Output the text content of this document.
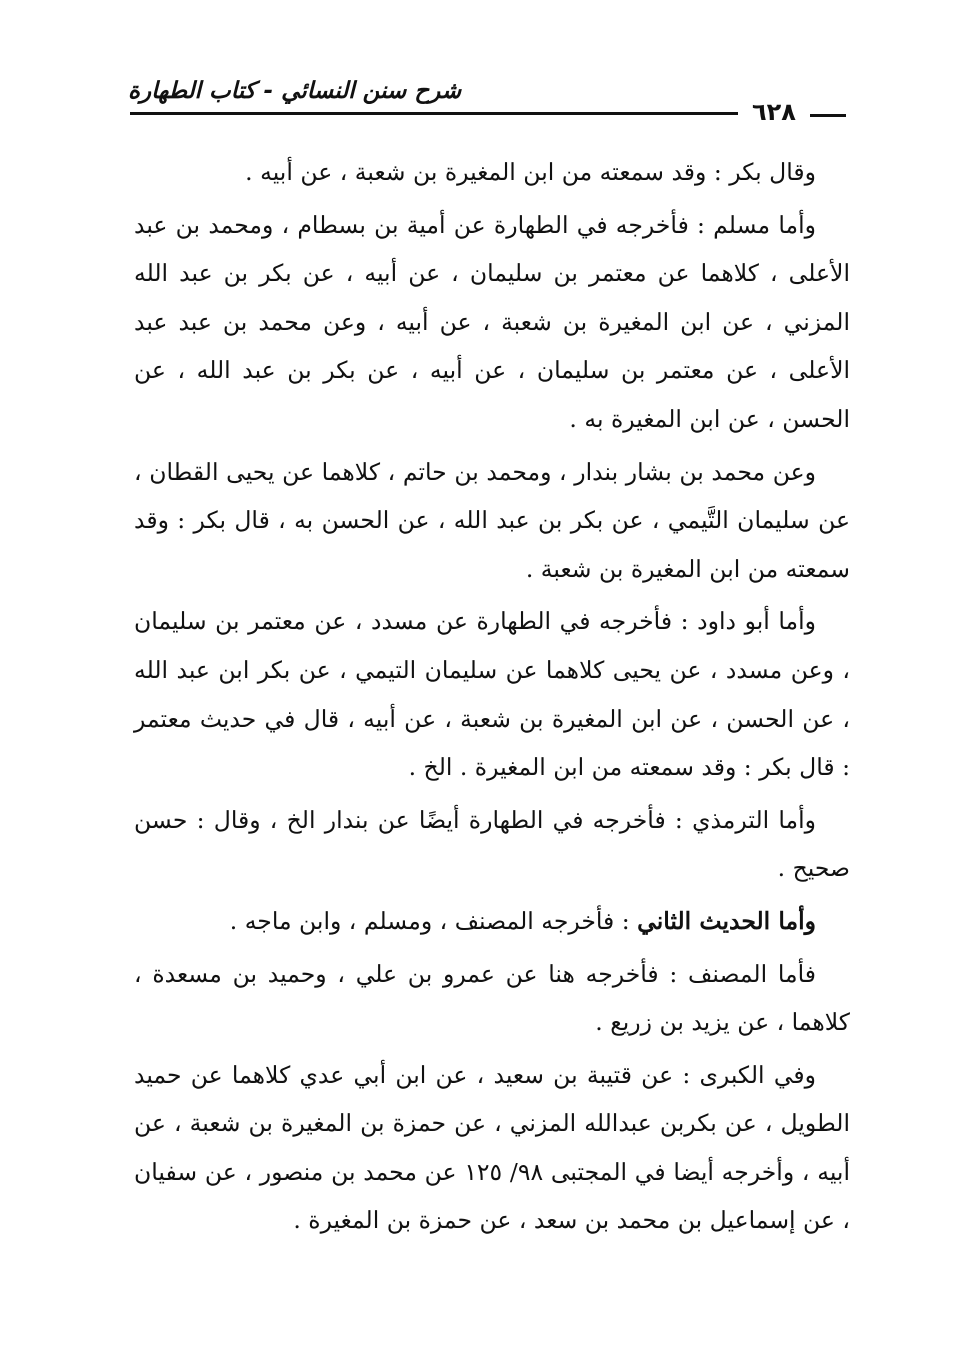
شرح سنن النسائي - كتاب الطهارة
٦٢٨

وقال بكر : وقد سمعته من ابن المغيرة بن شعبة ، عن أبيه .

وأما مسلم : فأخرجه في الطهارة عن أمية بن بسطام ، ومحمد بن عبد الأعلى ، كلاهما عن معتمر بن سليمان ، عن أبيه ، عن بكر بن عبد الله المزني ، عن ابن المغيرة بن شعبة ، عن أبيه ، وعن محمد بن عبد عبد الأعلى ، عن معتمر بن سليمان ، عن أبيه ، عن بكر بن عبد الله ، عن الحسن ، عن ابن المغيرة به .

وعن محمد بن بشار بندار ، ومحمد بن حاتم ، كلاهما عن يحيى القطان ، عن سليمان التَّيمي ، عن بكر بن عبد الله ، عن الحسن به ، قال بكر : وقد سمعته من ابن المغيرة بن شعبة .

وأما أبو داود : فأخرجه في الطهارة عن مسدد ، عن معتمر بن سليمان ، وعن مسدد ، عن يحيى كلاهما عن سليمان التيمي ، عن بكر ابن عبد الله ، عن الحسن ، عن ابن المغيرة بن شعبة ، عن أبيه ، قال في حديث معتمر : قال بكر : وقد سمعته من ابن المغيرة . الخ .

وأما الترمذي : فأخرجه في الطهارة أيضًا عن بندار الخ ، وقال : حسن صحيح .

وأما الحديث الثاني : فأخرجه المصنف ، ومسلم ، وابن ماجه .

فأما المصنف : فأخرجه هنا عن عمرو بن علي ، وحميد بن مسعدة ، كلاهما ، عن يزيد بن زريع .

وفي الكبرى : عن قتيبة بن سعيد ، عن ابن أبي عدي كلاهما عن حميد الطويل ، عن بكربن عبدالله المزني ، عن حمزة بن المغيرة بن شعبة ، عن أبيه ، وأخرجه أيضا في المجتبى ٩٨/ ١٢٥ عن محمد بن منصور ، عن سفيان ، عن إسماعيل بن محمد بن سعد ، عن حمزة بن المغيرة .
